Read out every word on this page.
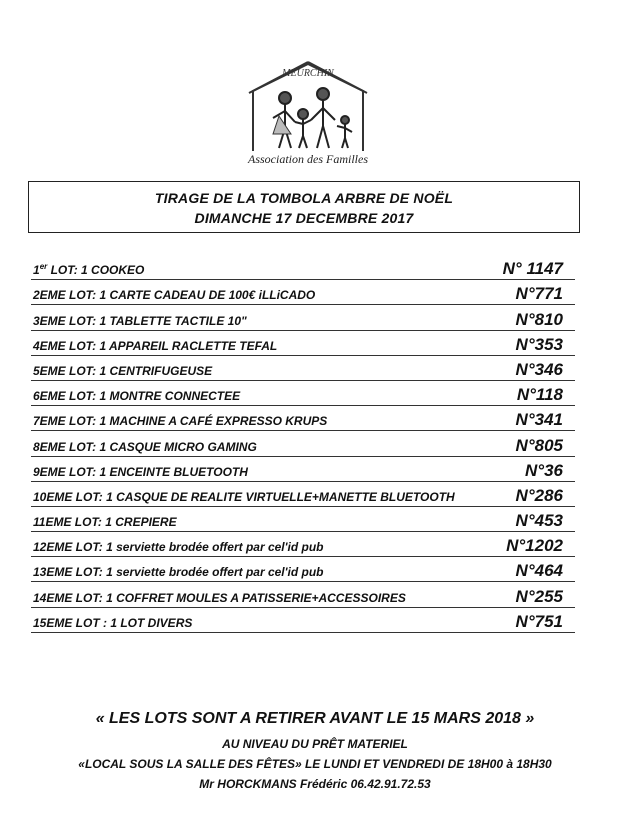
MEURCHIN
Association des Familles
TIRAGE DE LA TOMBOLA ARBRE DE NOËL
DIMANCHE 17 DECEMBRE 2017
1er LOT: 1 COOKEO	N° 1147
2EME LOT: 1 CARTE CADEAU DE 100€ iLLiCADO	N°771
3EME LOT: 1 TABLETTE TACTILE 10"	N°810
4EME LOT: 1 APPAREIL RACLETTE TEFAL	N°353
5EME LOT: 1 CENTRIFUGEUSE	N°346
6EME LOT: 1 MONTRE CONNECTEE	N°118
7EME LOT: 1 MACHINE A CAFÉ EXPRESSO KRUPS	N°341
8EME LOT: 1 CASQUE MICRO GAMING	N°805
9EME LOT: 1 ENCEINTE BLUETOOTH	N°36
10EME LOT: 1 CASQUE DE REALITE VIRTUELLE+MANETTE BLUETOOTH	N°286
11EME LOT: 1 CREPIERE	N°453
12EME LOT: 1 serviette brodée offert par cel'id pub	N°1202
13EME LOT: 1 serviette brodée offert par cel'id pub	N°464
14EME LOT: 1 COFFRET MOULES A PATISSERIE+ACCESSOIRES	N°255
15EME LOT : 1 LOT DIVERS	N°751
« LES LOTS SONT A RETIRER AVANT LE 15 MARS 2018 »
AU NIVEAU DU PRÊT MATERIEL
«LOCAL SOUS LA SALLE DES FÊTES» LE LUNDI ET VENDREDI DE 18H00 à 18H30
Mr HORCKMANS Frédéric 06.42.91.72.53
